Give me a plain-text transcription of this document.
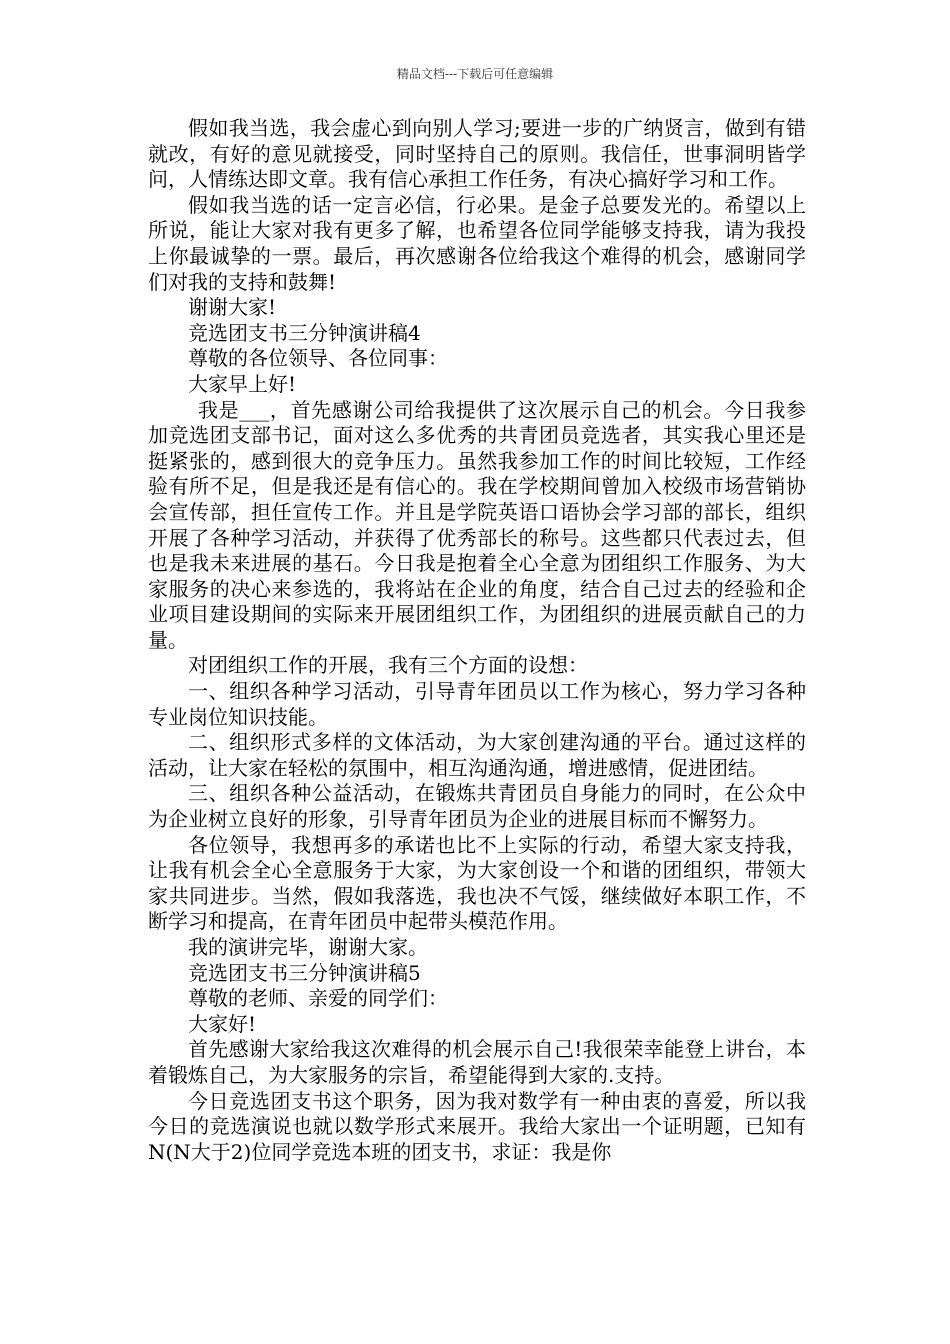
精品文档---下载后可任意编辑

假如我当选，我会虚心到向别人学习;要进一步的广纳贤言，做到有错就改，有好的意见就接受，同时坚持自己的原则。我信任，世事洞明皆学问，人情练达即文章。我有信心承担工作任务，有决心搞好学习和工作。

假如我当选的话一定言必信，行必果。是金子总要发光的。希望以上所说，能让大家对我有更多了解，也希望各位同学能够支持我，请为我投上你最诚挚的一票。最后，再次感谢各位给我这个难得的机会，感谢同学们对我的支持和鼓舞!

谢谢大家!

竞选团支书三分钟演讲稿4

尊敬的各位领导、各位同事：

大家早上好!

我是___，首先感谢公司给我提供了这次展示自己的机会。今日我参加竞选团支部书记，面对这么多优秀的共青团员竞选者，其实我心里还是挺紧张的，感到很大的竞争压力。虽然我参加工作的时间比较短，工作经验有所不足，但是我还是有信心的。我在学校期间曾加入校级市场营销协会宣传部，担任宣传工作。并且是学院英语口语协会学习部的部长，组织开展了各种学习活动，并获得了优秀部长的称号。这些都只代表过去，但也是我未来进展的基石。今日我是抱着全心全意为团组织工作服务、为大家服务的决心来参选的，我将站在企业的角度，结合自己过去的经验和企业项目建设期间的实际来开展团组织工作，为团组织的进展贡献自己的力量。

对团组织工作的开展，我有三个方面的设想：

一、组织各种学习活动，引导青年团员以工作为核心，努力学习各种专业岗位知识技能。

二、组织形式多样的文体活动，为大家创建沟通的平台。通过这样的活动，让大家在轻松的氛围中，相互沟通沟通，增进感情，促进团结。

三、组织各种公益活动，在锻炼共青团员自身能力的同时，在公众中为企业树立良好的形象，引导青年团员为企业的进展目标而不懈努力。

各位领导，我想再多的承诺也比不上实际的行动，希望大家支持我，让我有机会全心全意服务于大家，为大家创设一个和谐的团组织，带领大家共同进步。当然，假如我落选，我也决不气馁，继续做好本职工作，不断学习和提高，在青年团员中起带头模范作用。

我的演讲完毕，谢谢大家。

竞选团支书三分钟演讲稿5

尊敬的老师、亲爱的同学们：

大家好!

首先感谢大家给我这次难得的机会展示自己!我很荣幸能登上讲台，本着锻炼自己，为大家服务的宗旨，希望能得到大家的.支持。

今日竞选团支书这个职务，因为我对数学有一种由衷的喜爱，所以我今日的竞选演说也就以数学形式来展开。我给大家出一个证明题，已知有N(N大于2)位同学竞选本班的团支书，求证：我是你
